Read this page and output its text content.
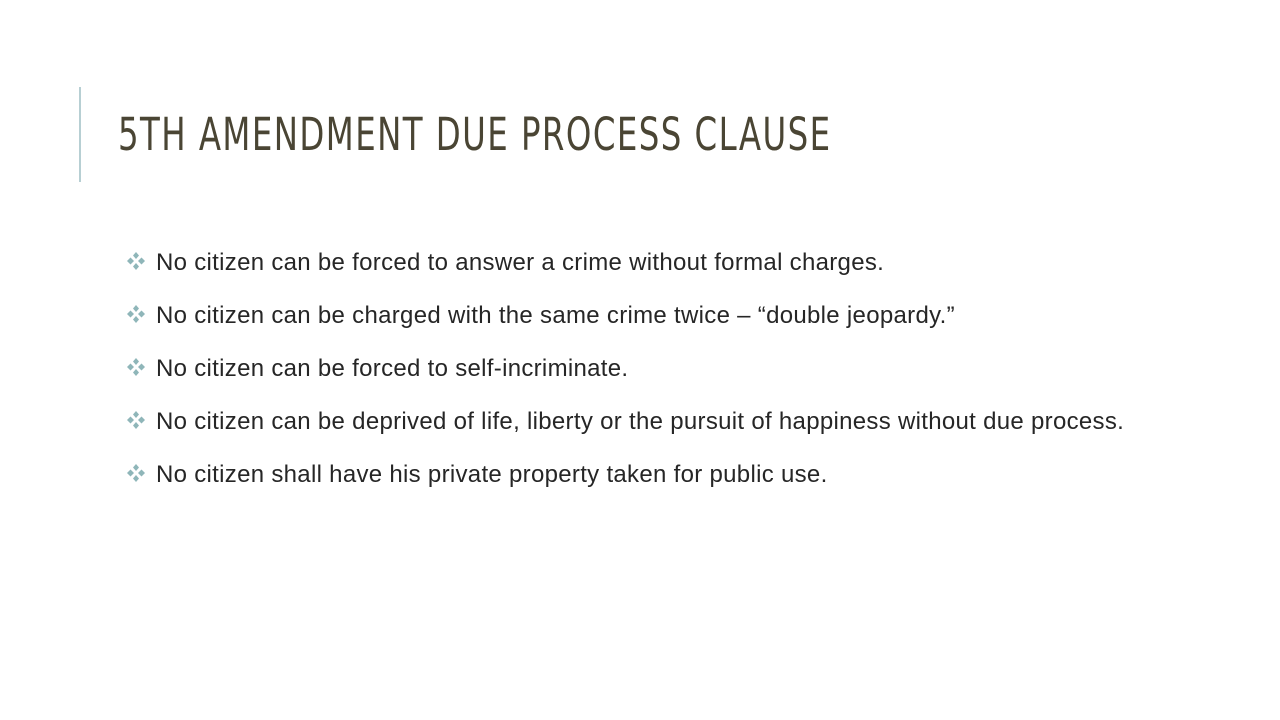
5TH AMENDMENT DUE PROCESS CLAUSE
No citizen can be forced to answer a crime without formal charges.
No citizen can be charged with the same crime twice – “double jeopardy.”
No citizen can be forced to self-incriminate.
No citizen can be deprived of life, liberty or the pursuit of happiness without due process.
No citizen shall have his private property taken for public use.
